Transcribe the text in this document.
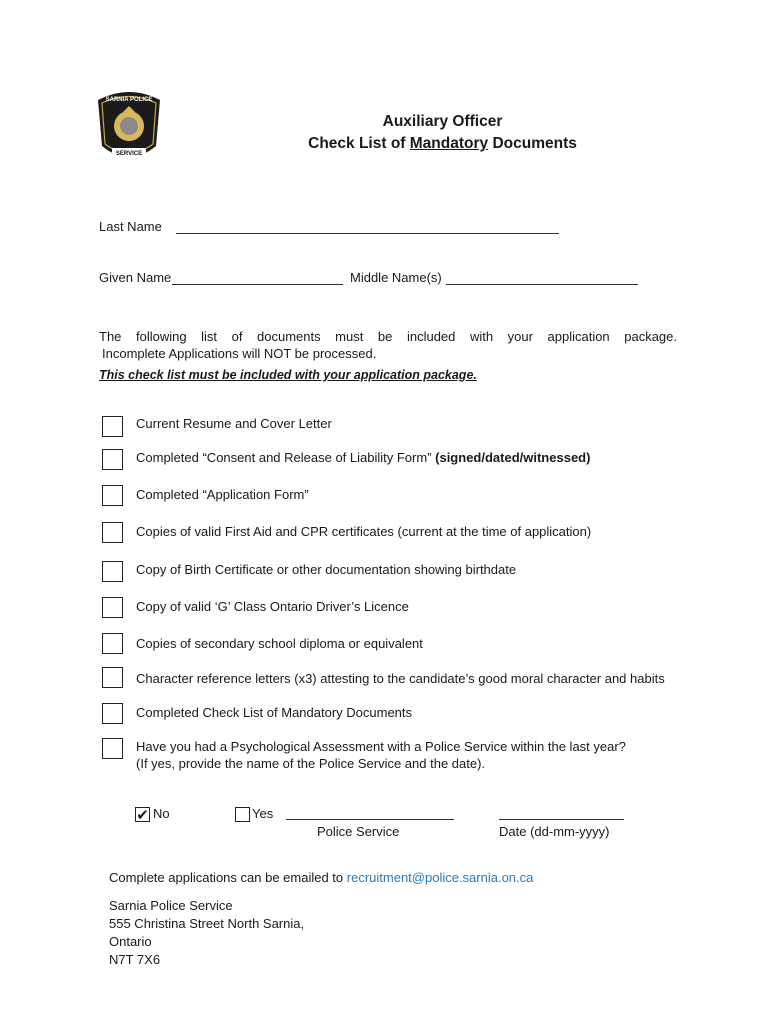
SARNIA POLICE
SERVICE
Auxiliary Officer
Check List of Mandatory Documents
Last Name
Given Name	Middle Name(s)
The following list of documents must be included with your application package.
Incomplete Applications will NOT be processed.
This check list must be included with your application package.
Current Resume and Cover Letter
Completed “Consent and Release of Liability Form” (signed/dated/witnessed)
Completed “Application Form”
Copies of valid First Aid and CPR certificates (current at the time of application)
Copy of Birth Certificate or other documentation showing birthdate
Copy of valid ‘G’ Class Ontario Driver’s Licence
Copies of secondary school diploma or equivalent
Character reference letters (x3) attesting to the candidate’s good moral character and habits
Completed Check List of Mandatory Documents
Have you had a Psychological Assessment with a Police Service within the last year?
(If yes, provide the name of the Police Service and the date).
✔ No	Yes
Police Service	Date (dd-mm-yyyy)
Complete applications can be emailed to recruitment@police.sarnia.on.ca
Sarnia Police Service
555 Christina Street North Sarnia,
Ontario
N7T 7X6
